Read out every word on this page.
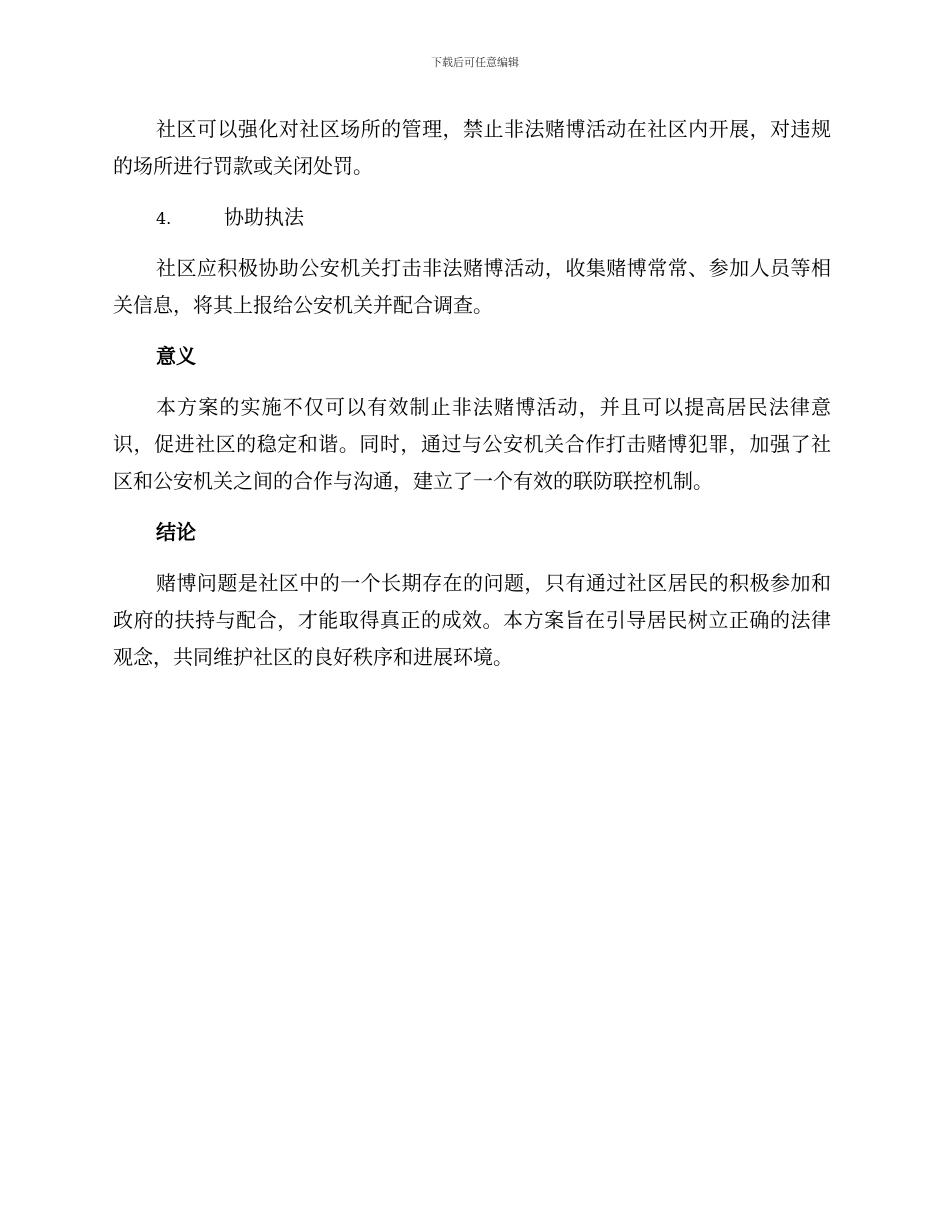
下载后可任意编辑

社区可以强化对社区场所的管理，禁止非法赌博活动在社区内开展，对违规的场所进行罚款或关闭处罚。

4.	协助执法

社区应积极协助公安机关打击非法赌博活动，收集赌博常常、参加人员等相关信息，将其上报给公安机关并配合调查。

意义

本方案的实施不仅可以有效制止非法赌博活动，并且可以提高居民法律意识，促进社区的稳定和谐。同时，通过与公安机关合作打击赌博犯罪，加强了社区和公安机关之间的合作与沟通，建立了一个有效的联防联控机制。

结论

赌博问题是社区中的一个长期存在的问题，只有通过社区居民的积极参加和政府的扶持与配合，才能取得真正的成效。本方案旨在引导居民树立正确的法律观念，共同维护社区的良好秩序和进展环境。
